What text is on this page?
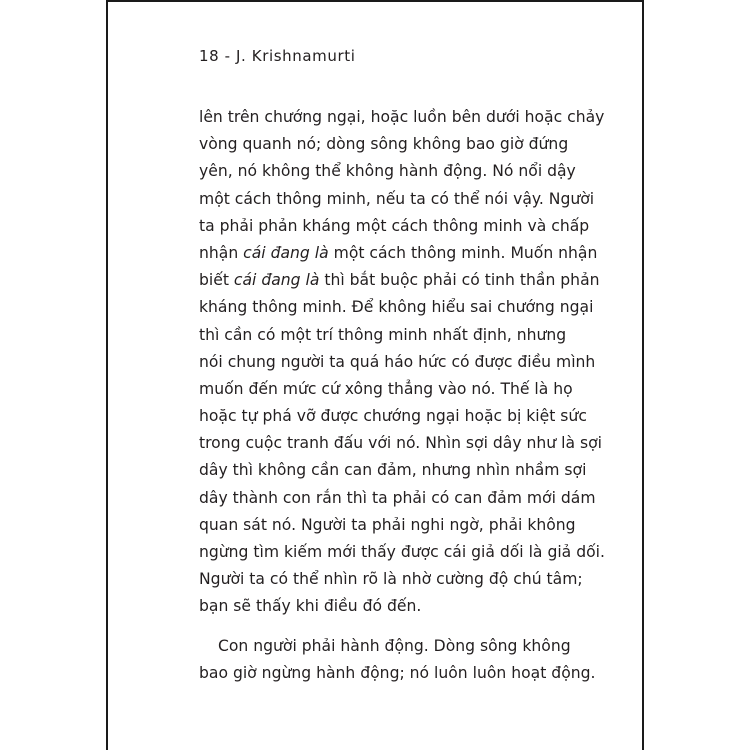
18 - J. Krishnamurti
lên trên chướng ngại, hoặc luồn bên dưới hoặc chảy
vòng quanh nó; dòng sông không bao giờ đứng
yên, nó không thể không hành động. Nó nổi dậy
một cách thông minh, nếu ta có thể nói vậy. Người
ta phải phản kháng một cách thông minh và chấp
nhận cái đang là một cách thông minh. Muốn nhận
biết cái đang là thì bắt buộc phải có tinh thần phản
kháng thông minh. Để không hiểu sai chướng ngại
thì cần có một trí thông minh nhất định, nhưng
nói chung người ta quá háo hức có được điều mình
muốn đến mức cứ xông thẳng vào nó. Thế là họ
hoặc tự phá vỡ được chướng ngại hoặc bị kiệt sức
trong cuộc tranh đấu với nó. Nhìn sợi dây như là sợi
dây thì không cần can đảm, nhưng nhìn nhầm sợi
dây thành con rắn thì ta phải có can đảm mới dám
quan sát nó. Người ta phải nghi ngờ, phải không
ngừng tìm kiếm mới thấy được cái giả dối là giả dối.
Người ta có thể nhìn rõ là nhờ cường độ chú tâm;
bạn sẽ thấy khi điều đó đến.
Con người phải hành động. Dòng sông không
bao giờ ngừng hành động; nó luôn luôn hoạt động.
